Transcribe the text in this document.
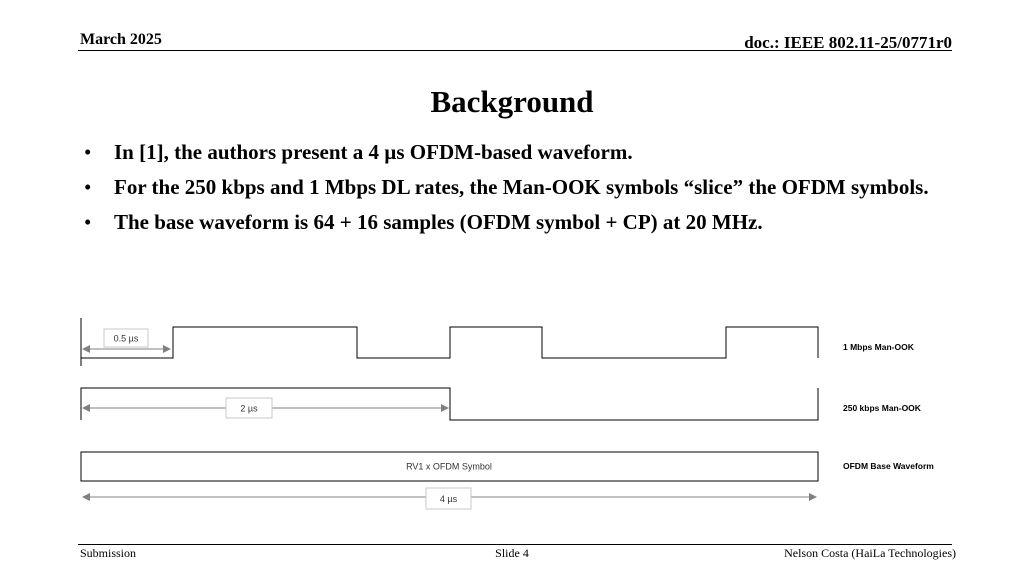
March 2025	doc.: IEEE 802.11-25/0771r0
Background
• In [1], the authors present a 4 µs OFDM-based waveform.
• For the 250 kbps and 1 Mbps DL rates, the Man-OOK symbols “slice” the OFDM symbols.
• The base waveform is 64 + 16 samples (OFDM symbol + CP) at 20 MHz.
0.5 µs
1 Mbps Man-OOK
2 µs	250 kbps Man-OOK
RV1 x OFDM Symbol	OFDM Base Waveform
4 µs
Submission	Slide 4	Nelson Costa (HaiLa Technologies)
